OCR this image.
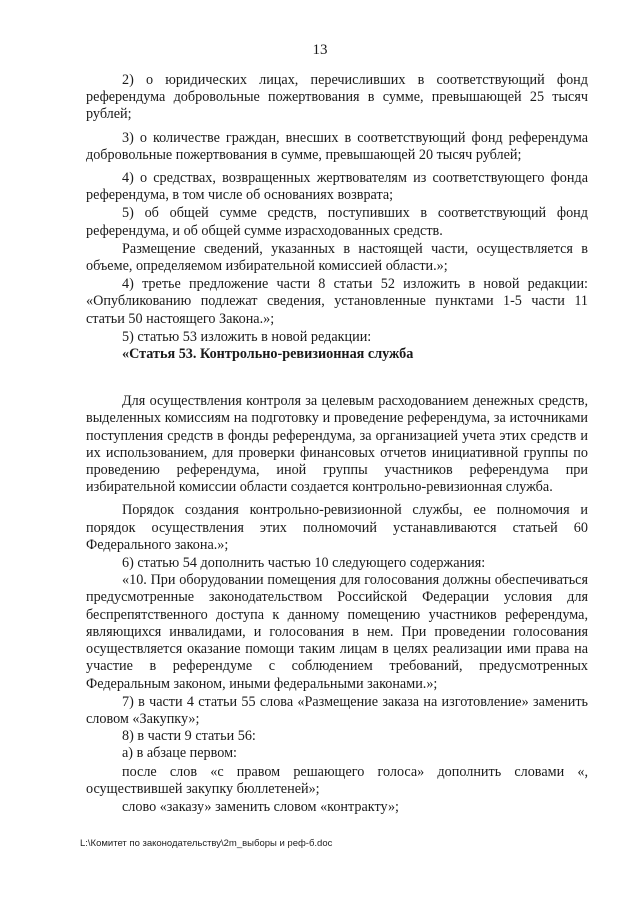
13

2) о юридических лицах, перечисливших в соответствующий фонд референдума добровольные пожертвования в сумме, превышающей 25 тысяч рублей;

3) о количестве граждан, внесших в соответствующий фонд референдума добровольные пожертвования в сумме, превышающей 20 тысяч рублей;

4) о средствах, возвращенных жертвователям из соответствующего фонда референдума, в том числе об основаниях возврата;

5) об общей сумме средств, поступивших в соответствующий фонд референдума, и об общей сумме израсходованных средств.

Размещение сведений, указанных в настоящей части, осуществляется в объеме, определяемом избирательной комиссией области.»;

4) третье предложение части 8 статьи 52 изложить в новой редакции: «Опубликованию подлежат сведения, установленные пунктами 1-5 части 11 статьи 50 настоящего Закона.»;

5) статью 53 изложить в новой редакции:

«Статья 53. Контрольно-ревизионная служба

Для осуществления контроля за целевым расходованием денежных средств, выделенных комиссиям на подготовку и проведение референдума, за источниками поступления средств в фонды референдума, за организацией учета этих средств и их использованием, для проверки финансовых отчетов инициативной группы по проведению референдума, иной группы участников референдума при избирательной комиссии области создается контрольно-ревизионная служба.

Порядок создания контрольно-ревизионной службы, ее полномочия и порядок осуществления этих полномочий устанавливаются статьей 60 Федерального закона.»;

6) статью 54 дополнить частью 10 следующего содержания:

«10. При оборудовании помещения для голосования должны обеспечиваться предусмотренные законодательством Российской Федерации условия для беспрепятственного доступа к данному помещению участников референдума, являющихся инвалидами, и голосования в нем. При проведении голосования осуществляется оказание помощи таким лицам в целях реализации ими права на участие в референдуме с соблюдением требований, предусмотренных Федеральным законом, иными федеральными законами.»;

7) в части 4 статьи 55 слова «Размещение заказа на изготовление» заменить словом «Закупку»;

8) в части 9 статьи 56:

а) в абзаце первом:

после слов «с правом решающего голоса» дополнить словами «, осуществившей закупку бюллетеней»;

слово «заказу» заменить словом «контракту»;

L:\Комитет по законодательству\2m_выборы и реф-б.doc
